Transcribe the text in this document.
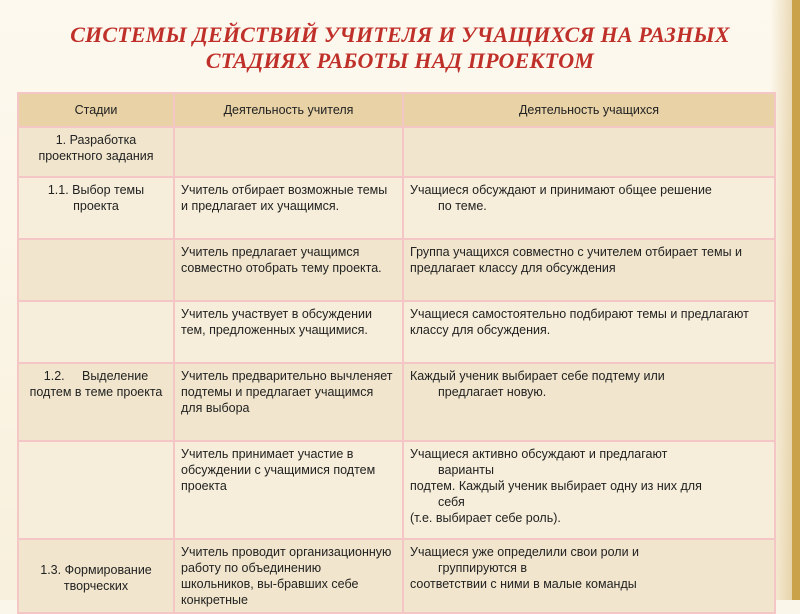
СИСТЕМЫ ДЕЙСТВИЙ УЧИТЕЛЯ И УЧАЩИХСЯ НА РАЗНЫХ
СТАДИЯХ РАБОТЫ НАД ПРОЕКТОМ
Стадии	Деятельность учителя	Деятельность учащихся
1. Разработка проектного задания		
1.1. Выбор темы проекта	Учитель отбирает возможные темы и предлагает их учащимся.	Учащиеся обсуждают и принимают общее решение
по теме.

	Учитель предлагает учащимся совместно отобрать тему проекта.	Группа учащихся совместно с учителем отбирает темы и предлагает классу для обсуждения

	Учитель участвует в обсуждении тем, предложенных учащимися.	Учащиеся самостоятельно подбирают темы и предлагают классу для обсуждения.

1.2.     Выделение подтем в теме проекта	Учитель предварительно вычленяет подтемы и предлагает учащимся для выбора	Каждый ученик выбирает себе подтему или
предлагает новую.

	Учитель принимает участие в обсуждении с учащимися подтем проекта	Учащиеся активно обсуждают и предлагают
варианты
подтем. Каждый ученик выбирает одну из них для
себя
(т.е. выбирает себе роль).

1.3. Формирование творческих	Учитель проводит организационную работу по объединению школьников, вы-бравших себе конкретные	Учащиеся уже определили свои роли и
группируются в
соответствии с ними в малые команды
